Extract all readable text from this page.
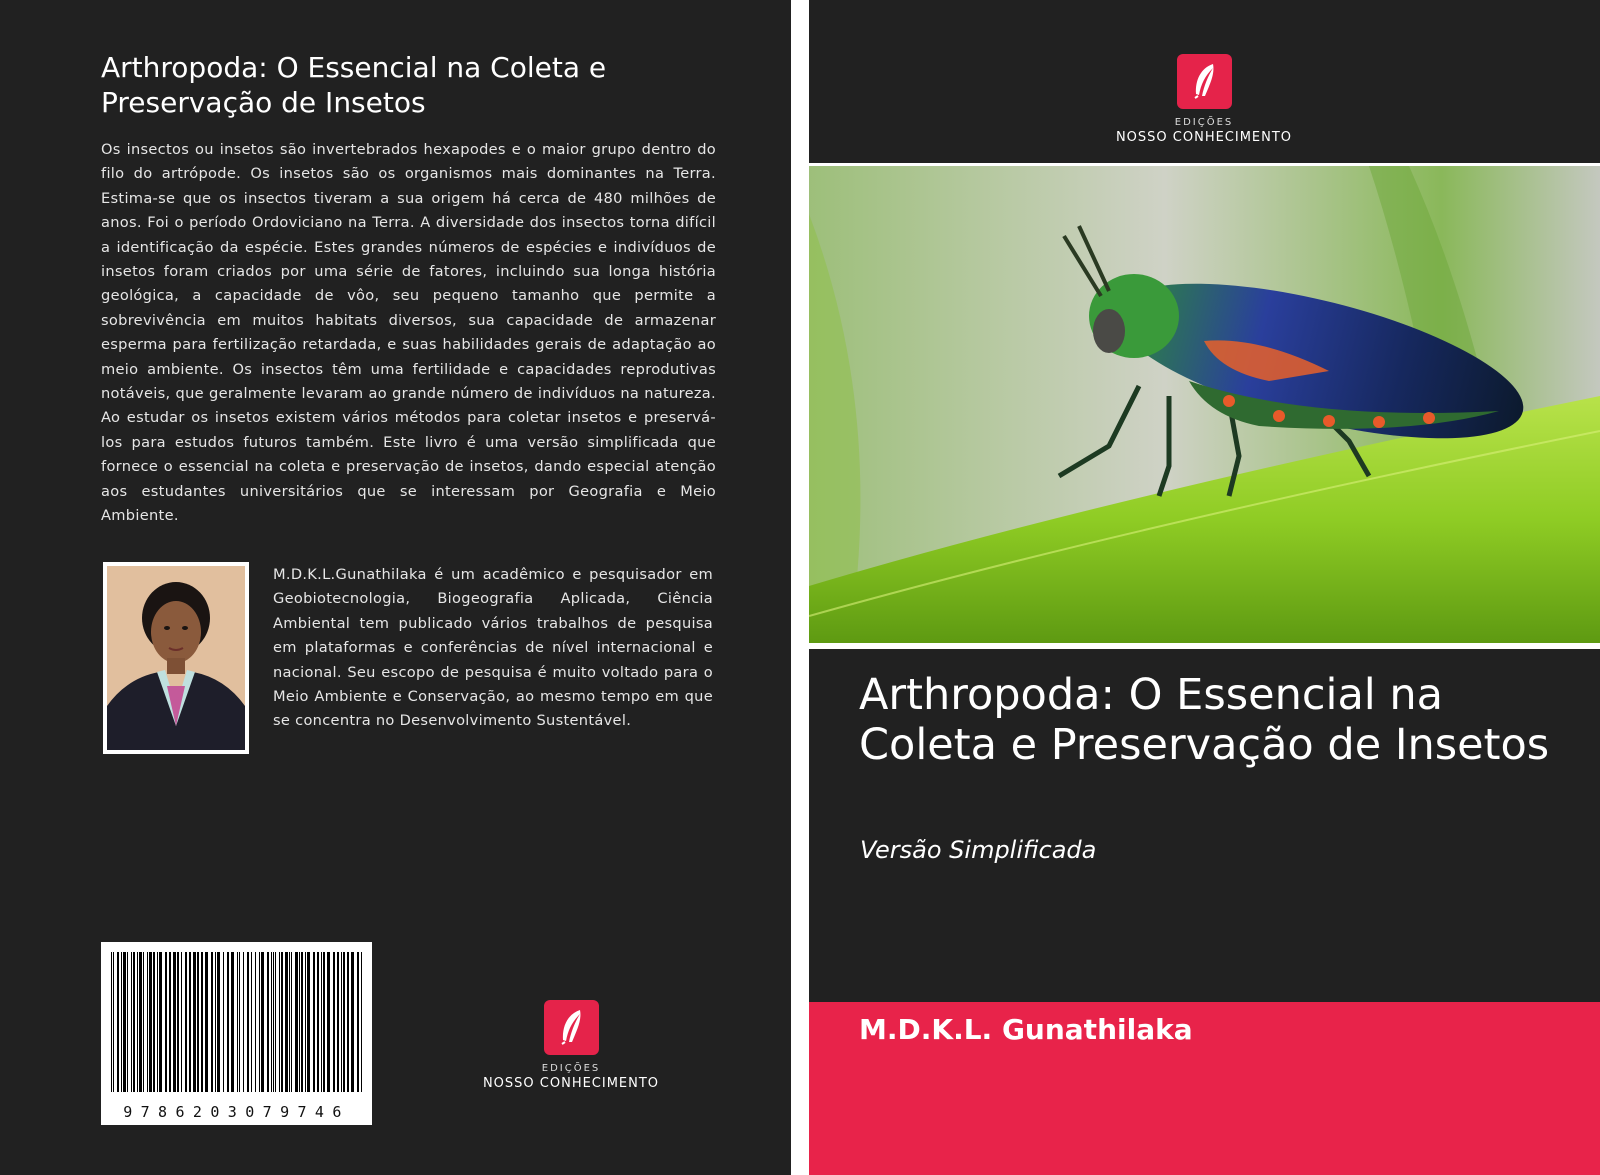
Arthropoda: O Essencial na Coleta e Preservação de Insetos
Os insectos ou insetos são invertebrados hexapodes e o maior grupo dentro do filo do artrópode. Os insetos são os organismos mais dominantes na Terra. Estima-se que os insectos tiveram a sua origem há cerca de 480 milhões de anos. Foi o período Ordoviciano na Terra. A diversidade dos insectos torna difícil a identificação da espécie. Estes grandes números de espécies e indivíduos de insetos foram criados por uma série de fatores, incluindo sua longa história geológica, a capacidade de vôo, seu pequeno tamanho que permite a sobrevivência em muitos habitats diversos, sua capacidade de armazenar esperma para fertilização retardada, e suas habilidades gerais de adaptação ao meio ambiente. Os insectos têm uma fertilidade e capacidades reprodutivas notáveis, que geralmente levaram ao grande número de indivíduos na natureza. Ao estudar os insetos existem vários métodos para coletar insetos e preservá-los para estudos futuros também. Este livro é uma versão simplificada que fornece o essencial na coleta e preservação de insetos, dando especial atenção aos estudantes universitários que se interessam por Geografia e Meio Ambiente.
M.D.K.L.Gunathilaka é um acadêmico e pesquisador em Geobiotecnologia, Biogeografia Aplicada, Ciência Ambiental tem publicado vários trabalhos de pesquisa em plataformas e conferências de nível internacional e nacional. Seu escopo de pesquisa é muito voltado para o Meio Ambiente e Conservação, ao mesmo tempo em que se concentra no Desenvolvimento Sustentável.
9786203079746
EDIÇÕES
NOSSO CONHECIMENTO
EDIÇÕES
NOSSO CONHECIMENTO
Arthropoda: O Essencial na Coleta e Preservação de Insetos
Versão Simplificada
M.D.K.L. Gunathilaka
